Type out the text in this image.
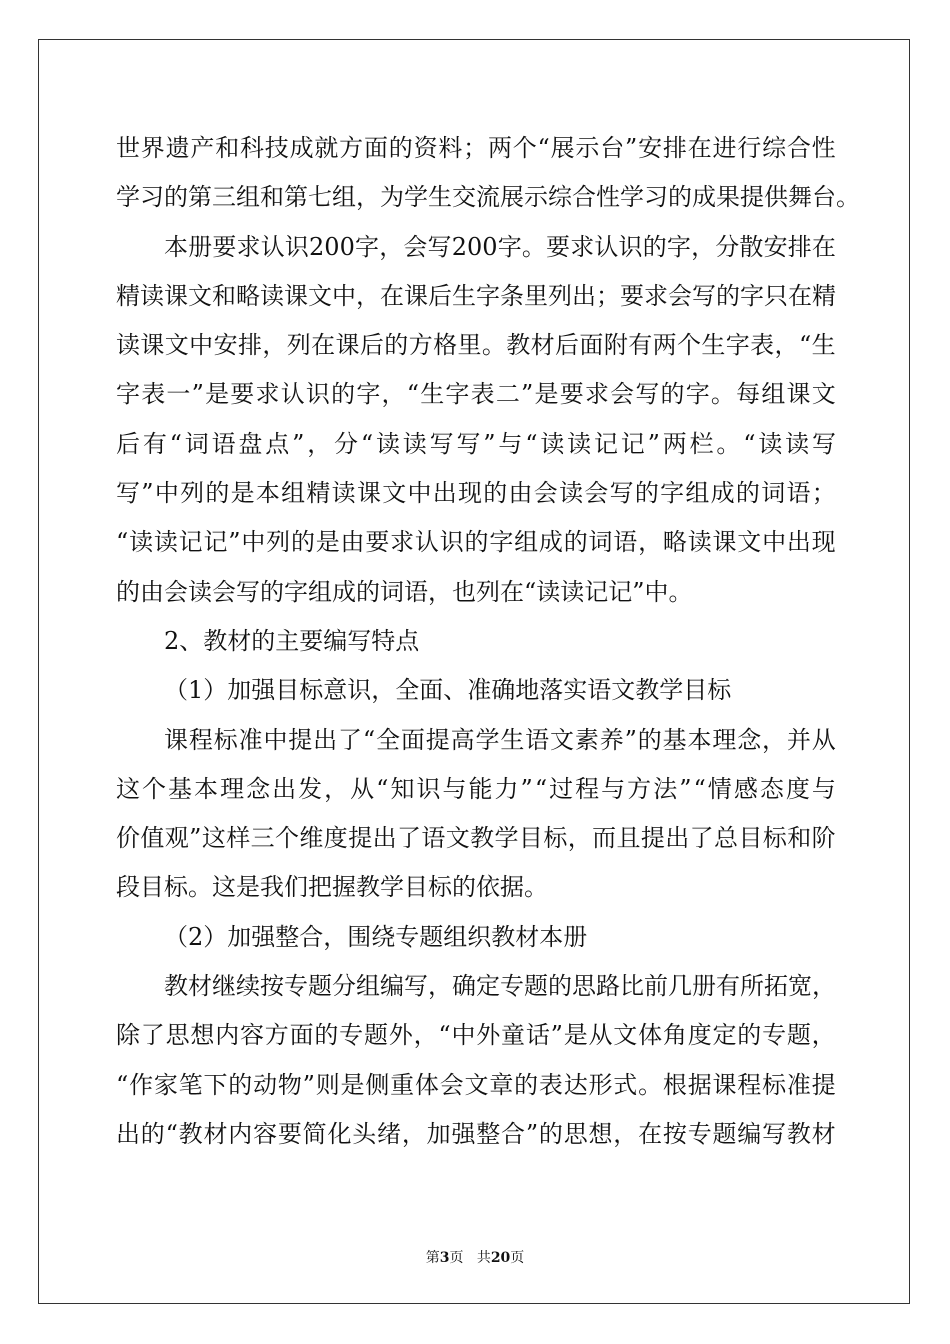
世 界 遗 产 和 科 技 成 就 方 面 的 资 料 ； 两 个 “ 展 示 台 ” 安 排 在 进 行 综 合 性
学习的第三组和第七组，为学生交流展示综合性学习的成果提供舞台。
本 册 要 求 认 识 200 字 ， 会 写 200 字 。 要 求 认 识 的 字 ， 分 散 安 排 在
精 读 课 文 和 略 读 课 文 中 ， 在 课 后 生 字 条 里 列 出 ； 要 求 会 写 的 字 只 在 精
读 课 文 中 安 排 ， 列 在 课 后 的 方 格 里 。 教 材 后 面 附 有 两 个 生 字 表 ， “ 生
字 表 一 ” 是 要 求 认 识 的 字 ， “ 生 字 表 二 ” 是 要 求 会 写 的 字 。 每 组 课 文
后 有 “ 词 语 盘 点 ” ， 分 “ 读 读 写 写 ” 与 “ 读 读 记 记 ” 两 栏 。 “ 读 读 写
写 ” 中 列 的 是 本 组 精 读 课 文 中 出 现 的 由 会 读 会 写 的 字 组 成 的 词 语 ；
“ 读 读 记 记 ” 中 列 的 是 由 要 求 认 识 的 字 组 成 的 词 语 ， 略 读 课 文 中 出 现
的由会读会写的字组成的词语，也列在“读读记记”中。
2、教材的主要编写特点
（1）加强目标意识，全面、准确地落实语文教学目标
课 程 标 准 中 提 出 了 “ 全 面 提 高 学 生 语 文 素 养 ” 的 基 本 理 念 ， 并 从
这 个 基 本 理 念 出 发 ， 从 “ 知 识 与 能 力 ” “ 过 程 与 方 法 ” “ 情 感 态 度 与
价 值 观 ” 这 样 三 个 维 度 提 出 了 语 文 教 学 目 标 ， 而 且 提 出 了 总 目 标 和 阶
段目标。这是我们把握教学目标的依据。
（2）加强整合，围绕专题组织教材本册
教 材 继 续 按 专 题 分 组 编 写 ， 确 定 专 题 的 思 路 比 前 几 册 有 所 拓 宽 ，
除 了 思 想 内 容 方 面 的 专 题 外 ， “ 中 外 童 话 ” 是 从 文 体 角 度 定 的 专 题 ，
“ 作 家 笔 下 的 动 物 ” 则 是 侧 重 体 会 文 章 的 表 达 形 式 。 根 据 课 程 标 准 提
出 的 “ 教 材 内 容 要 简 化 头 绪 ， 加 强 整 合 ” 的 思 想 ， 在 按 专 题 编 写 教 材
第3页 共20页
